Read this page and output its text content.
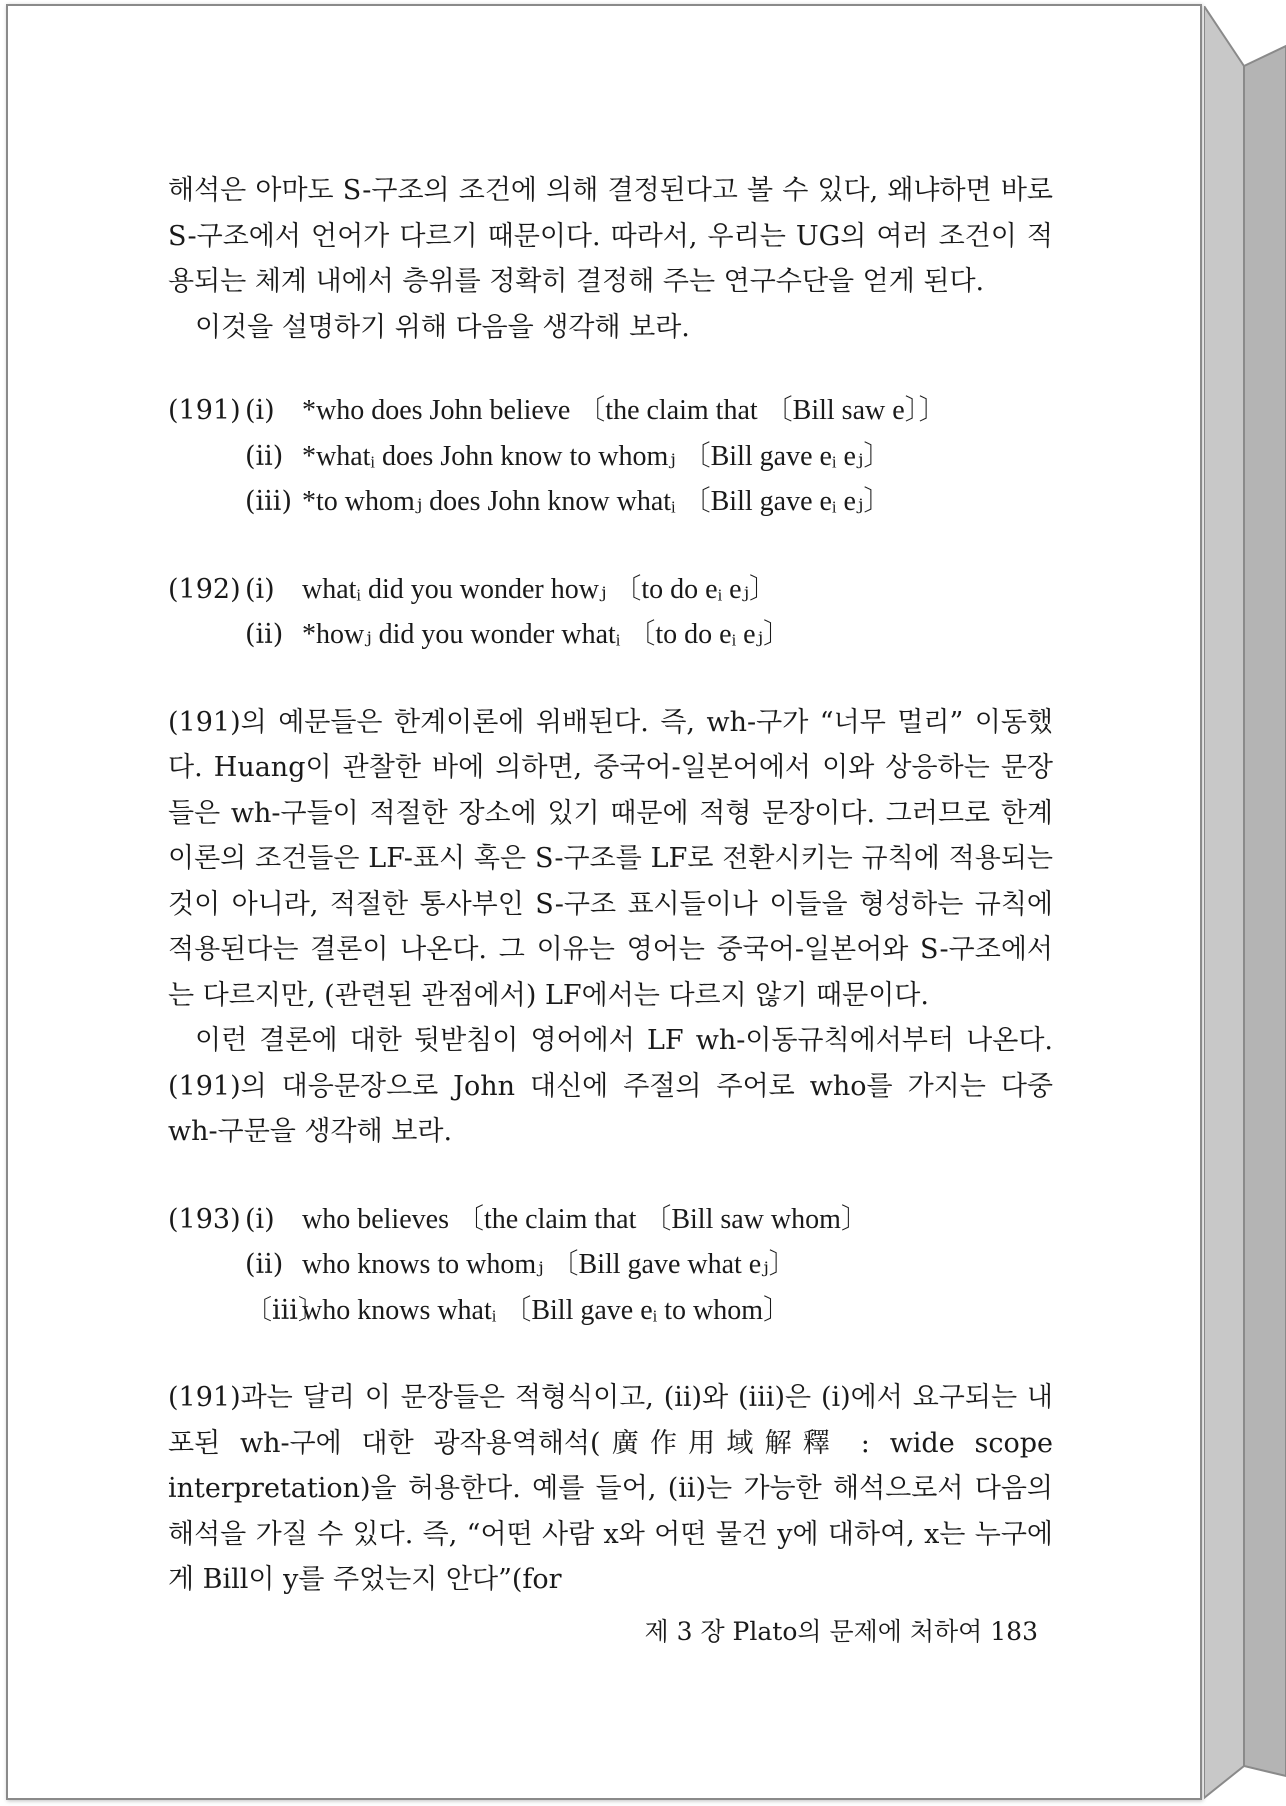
해석은 아마도 S-구조의 조건에 의해 결정된다고 볼 수 있다, 왜냐하면 바로 S-구조에서 언어가 다르기 때문이다. 따라서, 우리는 UG의 여러 조건이 적용되는 체계 내에서 층위를 정확히 결정해 주는 연구수단을 얻게 된다.

이것을 설명하기 위해 다음을 생각해 보라.

(191) (i) *who does John believe 〔the claim that 〔Bill saw e〕〕
(ii) *whatᵢ does John know to whomⱼ 〔Bill gave eᵢ eⱼ〕
(iii) *to whomⱼ does John know whatᵢ 〔Bill gave eᵢ eⱼ〕
(192) (i) whatᵢ did you wonder howⱼ 〔to do eᵢ eⱼ〕
(ii) *howⱼ did you wonder whatᵢ 〔to do eᵢ eⱼ〕

(191)의 예문들은 한계이론에 위배된다. 즉, wh-구가 “너무 멀리” 이동했다. Huang이 관찰한 바에 의하면, 중국어-일본어에서 이와 상응하는 문장들은 wh-구들이 적절한 장소에 있기 때문에 적형 문장이다. 그러므로 한계이론의 조건들은 LF-표시 혹은 S-구조를 LF로 전환시키는 규칙에 적용되는 것이 아니라, 적절한 통사부인 S-구조 표시들이나 이들을 형성하는 규칙에 적용된다는 결론이 나온다. 그 이유는 영어는 중국어-일본어와 S-구조에서는 다르지만, (관련된 관점에서) LF에서는 다르지 않기 때문이다.

이런 결론에 대한 뒷받침이 영어에서 LF wh-이동규칙에서부터 나온다. (191)의 대응문장으로 John 대신에 주절의 주어로 who를 가지는 다중 wh-구문을 생각해 보라.

(193) (i) who believes 〔the claim that 〔Bill saw whom〕
(ii) who knows to whomⱼ 〔Bill gave what eⱼ〕
〔iii〕
who knows whatᵢ 〔Bill gave eᵢ to whom〕

(191)과는 달리 이 문장들은 적형식이고, (ii)와 (iii)은 (i)에서 요구되는 내포된 wh-구에 대한 광작용역해석(廣作用域解釋 : wide scope interpretation)을 허용한다. 예를 들어, (ii)는 가능한 해석으로서 다음의 해석을 가질 수 있다. 즉, “어떤 사람 x와 어떤 물건 y에 대하여, x는 누구에게 Bill이 y를 주었는지 안다”(for

제 3 장 Plato의 문제에 처하여 183
